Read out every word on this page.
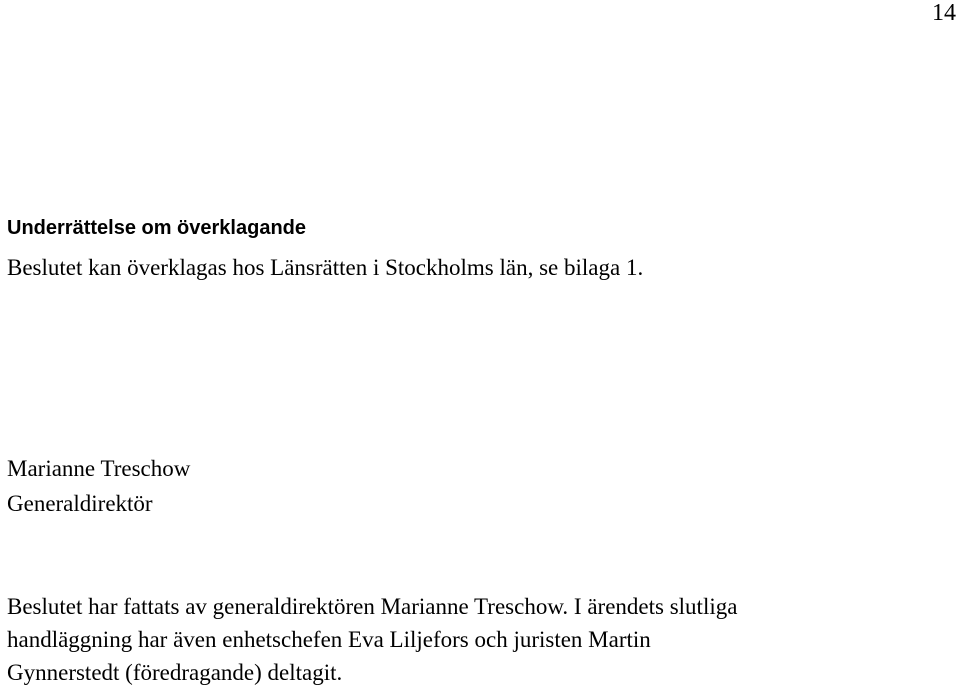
14
Underrättelse om överklagande
Beslutet kan överklagas hos Länsrätten i Stockholms län, se bilaga 1.
Marianne Treschow
Generaldirektör
Beslutet har fattats av generaldirektören Marianne Treschow. I ärendets slutliga
handläggning har även enhetschefen Eva Liljefors och juristen Martin
Gynnerstedt (föredragande) deltagit.
